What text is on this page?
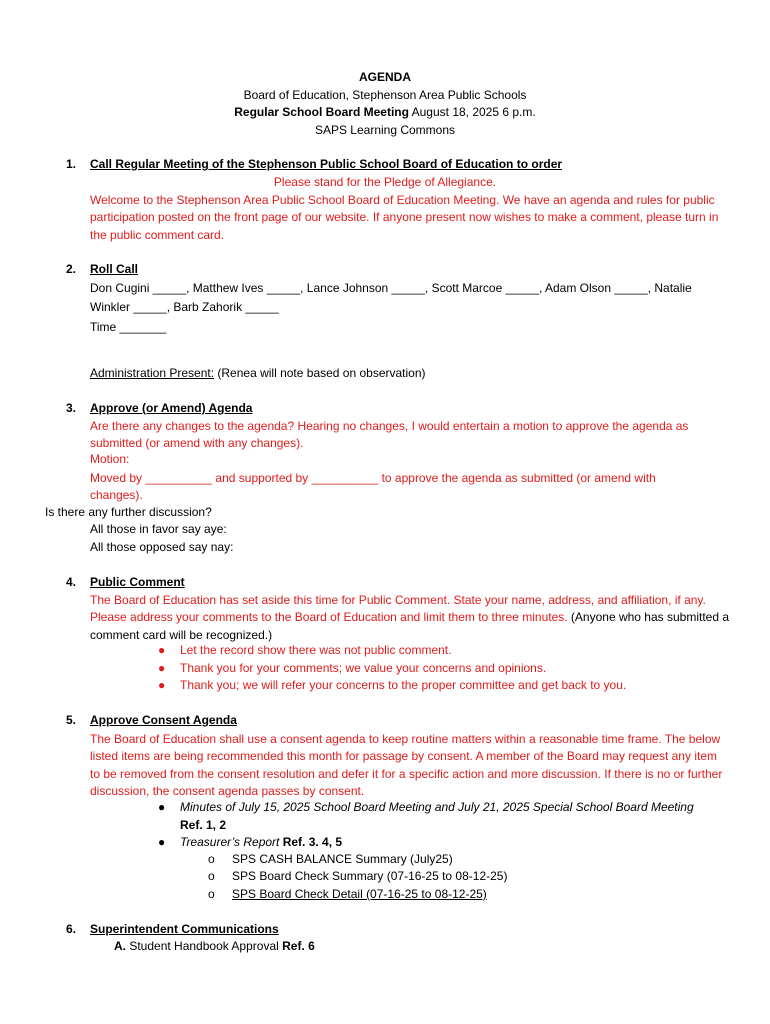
AGENDA
Board of Education, Stephenson Area Public Schools
Regular School Board Meeting August 18, 2025 6 p.m.
SAPS Learning Commons
1. Call Regular Meeting of the Stephenson Public School Board of Education to order
Please stand for the Pledge of Allegiance.
Welcome to the Stephenson Area Public School Board of Education Meeting. We have an agenda and rules for public participation posted on the front page of our website. If anyone present now wishes to make a comment, please turn in the public comment card.
2. Roll Call
Don Cugini _____, Matthew Ives _____, Lance Johnson _____, Scott Marcoe _____, Adam Olson _____, Natalie Winkler _____, Barb Zahorik _____
Time _______
Administration Present: (Renea will note based on observation)
3. Approve (or Amend) Agenda
Are there any changes to the agenda? Hearing no changes, I would entertain a motion to approve the agenda as submitted (or amend with any changes).
Motion:
Moved by __________ and supported by __________ to approve the agenda as submitted (or amend with changes).
Is there any further discussion?
All those in favor say aye:
All those opposed say nay:
4. Public Comment
The Board of Education has set aside this time for Public Comment. State your name, address, and affiliation, if any. Please address your comments to the Board of Education and limit them to three minutes. (Anyone who has submitted a comment card will be recognized.)
● Let the record show there was not public comment.
● Thank you for your comments; we value your concerns and opinions.
● Thank you; we will refer your concerns to the proper committee and get back to you.
5. Approve Consent Agenda
The Board of Education shall use a consent agenda to keep routine matters within a reasonable time frame. The below listed items are being recommended this month for passage by consent. A member of the Board may request any item to be removed from the consent resolution and defer it for a specific action and more discussion. If there is no or further discussion, the consent agenda passes by consent.
● Minutes of July 15, 2025 School Board Meeting and July 21, 2025 Special School Board Meeting
Ref. 1, 2
● Treasurer’s Report Ref. 3. 4, 5
o SPS CASH BALANCE Summary (July25)
o SPS Board Check Summary (07-16-25 to 08-12-25)
o SPS Board Check Detail (07-16-25 to 08-12-25)
6. Superintendent Communications
A. Student Handbook Approval Ref. 6
